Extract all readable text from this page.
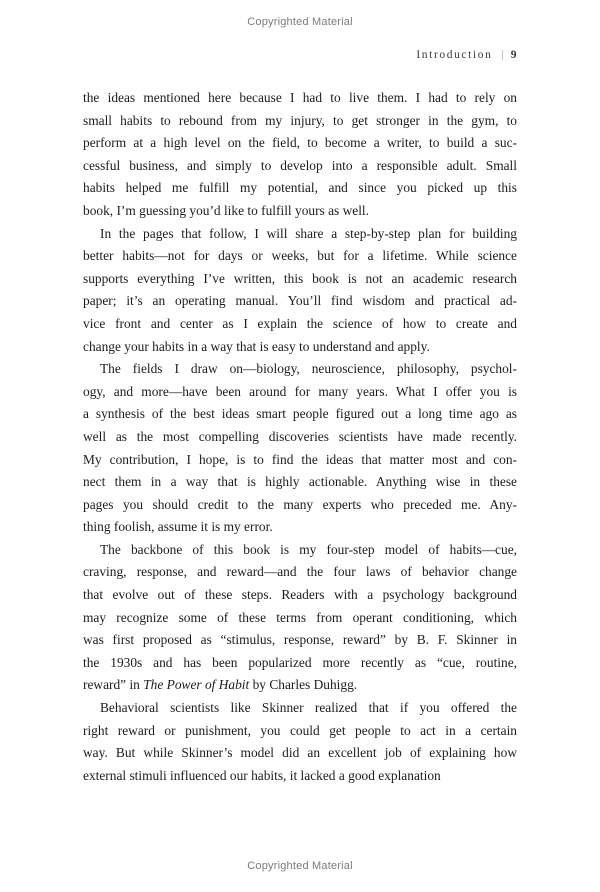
Copyrighted Material
Introduction | 9
the ideas mentioned here because I had to live them. I had to rely on
small habits to rebound from my injury, to get stronger in the gym, to
perform at a high level on the field, to become a writer, to build a suc-
cessful business, and simply to develop into a responsible adult. Small
habits helped me fulfill my potential, and since you picked up this
book, I’m guessing you’d like to fulfill yours as well.
In the pages that follow, I will share a step-by-step plan for building
better habits—not for days or weeks, but for a lifetime. While science
supports everything I’ve written, this book is not an academic research
paper; it’s an operating manual. You’ll find wisdom and practical ad-
vice front and center as I explain the science of how to create and
change your habits in a way that is easy to understand and apply.
The fields I draw on—biology, neuroscience, philosophy, psychol-
ogy, and more—have been around for many years. What I offer you is
a synthesis of the best ideas smart people figured out a long time ago as
well as the most compelling discoveries scientists have made recently.
My contribution, I hope, is to find the ideas that matter most and con-
nect them in a way that is highly actionable. Anything wise in these
pages you should credit to the many experts who preceded me. Any-
thing foolish, assume it is my error.
The backbone of this book is my four-step model of habits—cue,
craving, response, and reward—and the four laws of behavior change
that evolve out of these steps. Readers with a psychology background
may recognize some of these terms from operant conditioning, which
was first proposed as “stimulus, response, reward” by B. F. Skinner in
the 1930s and has been popularized more recently as “cue, routine,
reward” in The Power of Habit by Charles Duhigg.
Behavioral scientists like Skinner realized that if you offered the
right reward or punishment, you could get people to act in a certain
way. But while Skinner’s model did an excellent job of explaining how
external stimuli influenced our habits, it lacked a good explanation
Copyrighted Material
